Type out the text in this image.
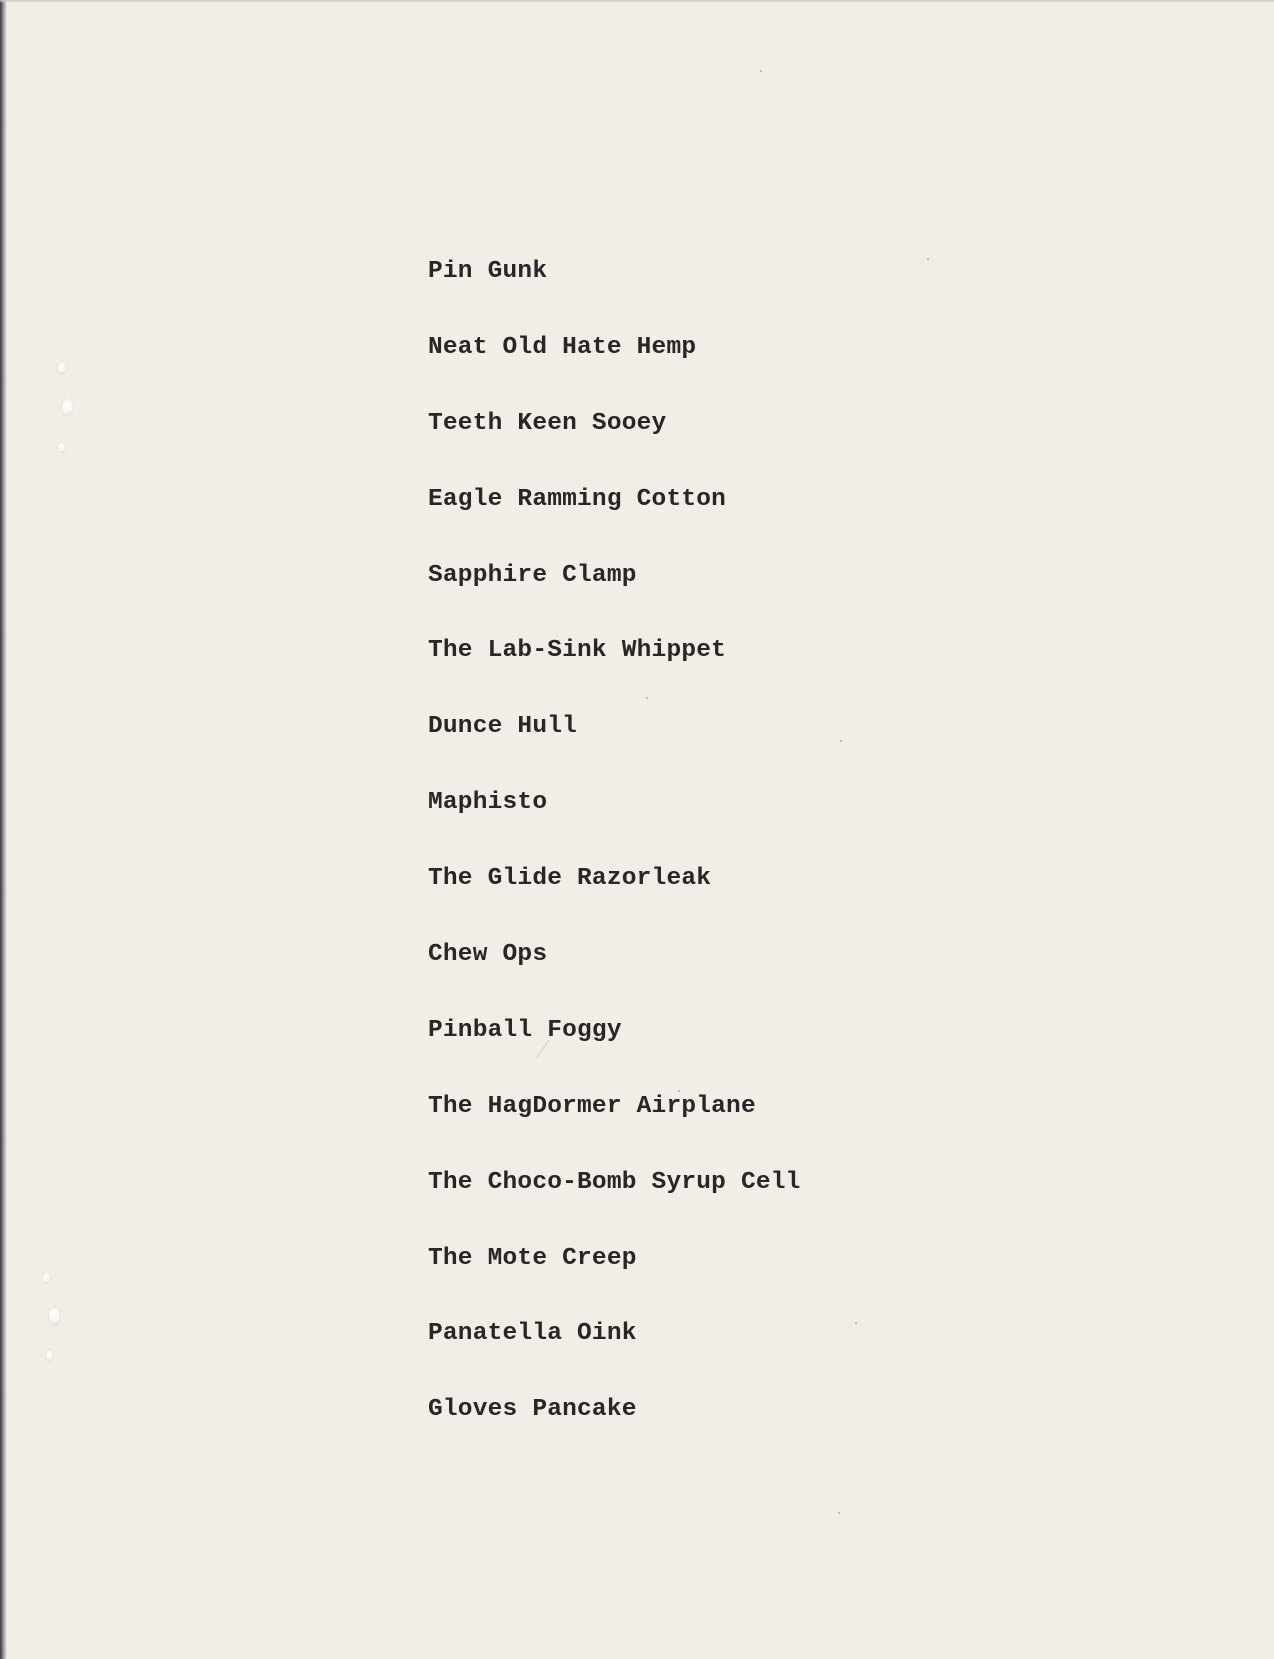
Pin Gunk
Neat Old Hate Hemp
Teeth Keen Sooey
Eagle Ramming Cotton
Sapphire Clamp
The Lab-Sink Whippet
Dunce Hull
Maphisto
The Glide Razorleak
Chew Ops
Pinball Foggy
The HagDormer Airplane
The Choco-Bomb Syrup Cell
The Mote Creep
Panatella Oink
Gloves Pancake
